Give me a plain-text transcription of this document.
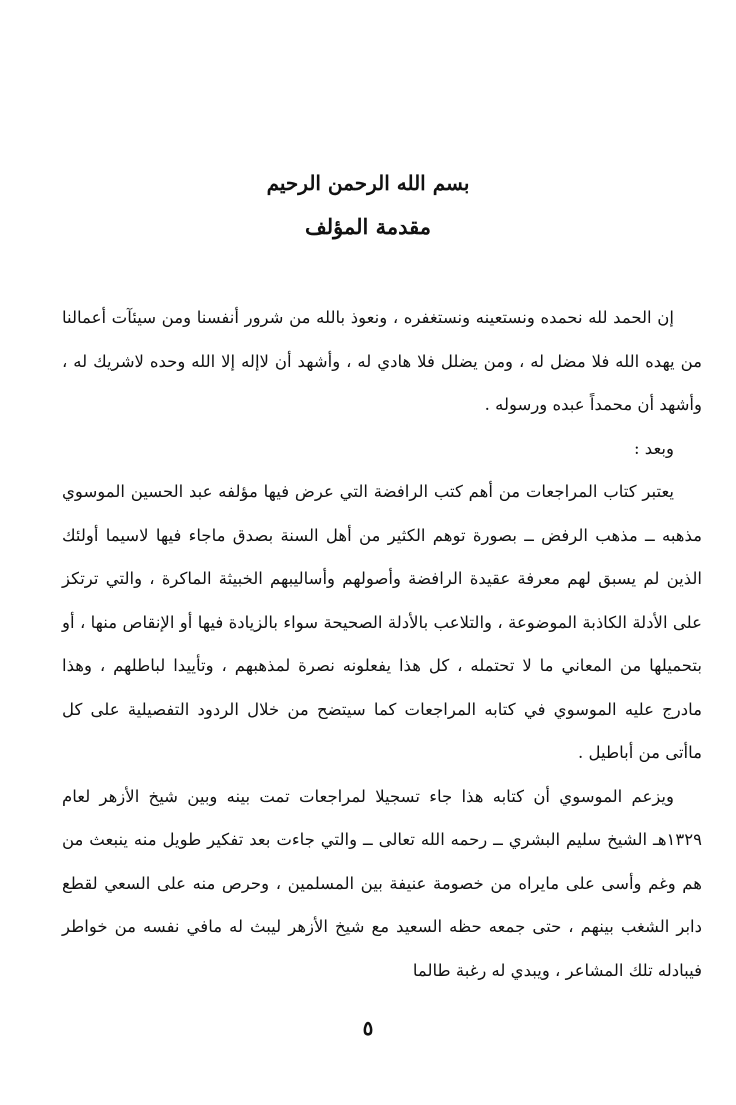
بسم الله الرحمن الرحيم
مقدمة المؤلف

إن الحمد لله نحمده ونستعينه ونستغفره ، ونعوذ بالله من شرور أنفسنا ومن سيئآت أعمالنا من يهده الله فلا مضل له ، ومن يضلل فلا هادي له ، وأشهد أن لاإله إلا الله وحده لاشريك له ، وأشهد أن محمداً عبده ورسوله .

وبعد :

يعتبر كتاب المراجعات من أهم كتب الرافضة التي عرض فيها مؤلفه عبد الحسين الموسوي مذهبه ــ مذهب الرفض ــ بصورة توهم الكثير من أهل السنة بصدق ماجاء فيها لاسيما أولئك الذين لم يسبق لهم معرفة عقيدة الرافضة وأصولهم وأساليبهم الخبيثة الماكرة ، والتي ترتكز على الأدلة الكاذبة الموضوعة ، والتلاعب بالأدلة الصحيحة سواء بالزيادة فيها أو الإنقاص منها ، أو بتحميلها من المعاني ما لا تحتمله ، كل هذا يفعلونه نصرة لمذهبهم ، وتأييدا لباطلهم ، وهذا مادرج عليه الموسوي في كتابه المراجعات كما سيتضح من خلال الردود التفصيلية على كل ماأتى من أباطيل .

ويزعم الموسوي أن كتابه هذا جاء تسجيلا لمراجعات تمت بينه وبين شيخ الأزهر لعام ١٣٢٩هـ الشيخ سليم البشري ــ رحمه الله تعالى ــ والتي جاءت بعد تفكير طويل منه ينبعث من هم وغم وأسى على مايراه من خصومة عنيفة بين المسلمين ، وحرص منه على السعي لقطع دابر الشغب بينهم ، حتى جمعه حظه السعيد مع شيخ الأزهر ليبث له مافي نفسه من خواطر فيبادله تلك المشاعر ، ويبدي له رغبة طالما

٥
